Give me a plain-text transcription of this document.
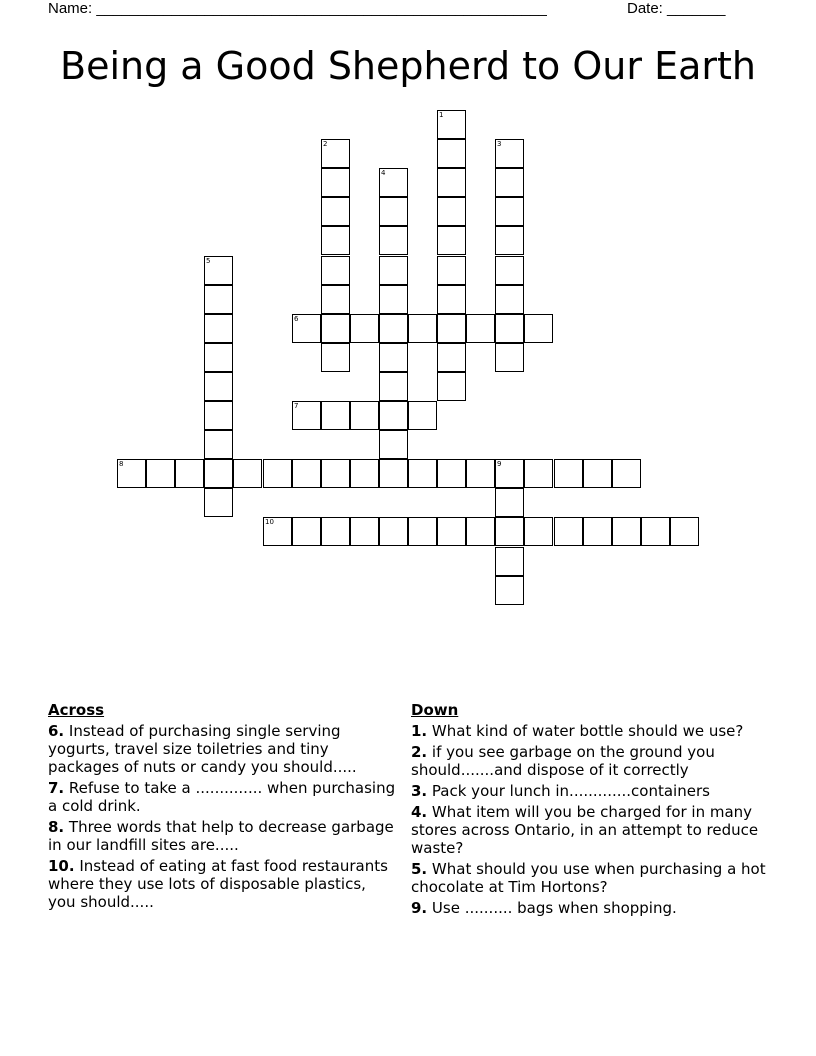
Name: ______________________________________________________	Date: _______
Being a Good Shepherd to Our Earth
1
2	3
4
5
6
7
8	9
10
Across
6. Instead of purchasing single serving yogurts, travel size toiletries and tiny packages of nuts or candy you should.....
7. Refuse to take a .............. when purchasing a cold drink.
8. Three words that help to decrease garbage in our landfill sites are.....
10. Instead of eating at fast food restaurants where they use lots of disposable plastics, you should.....
Down
1. What kind of water bottle should we use?
2. if you see garbage on the ground you should.......and dispose of it correctly
3. Pack your lunch in.............containers
4. What item will you be charged for in many stores across Ontario, in an attempt to reduce waste?
5. What should you use when purchasing a hot chocolate at Tim Hortons?
9. Use .......... bags when shopping.
